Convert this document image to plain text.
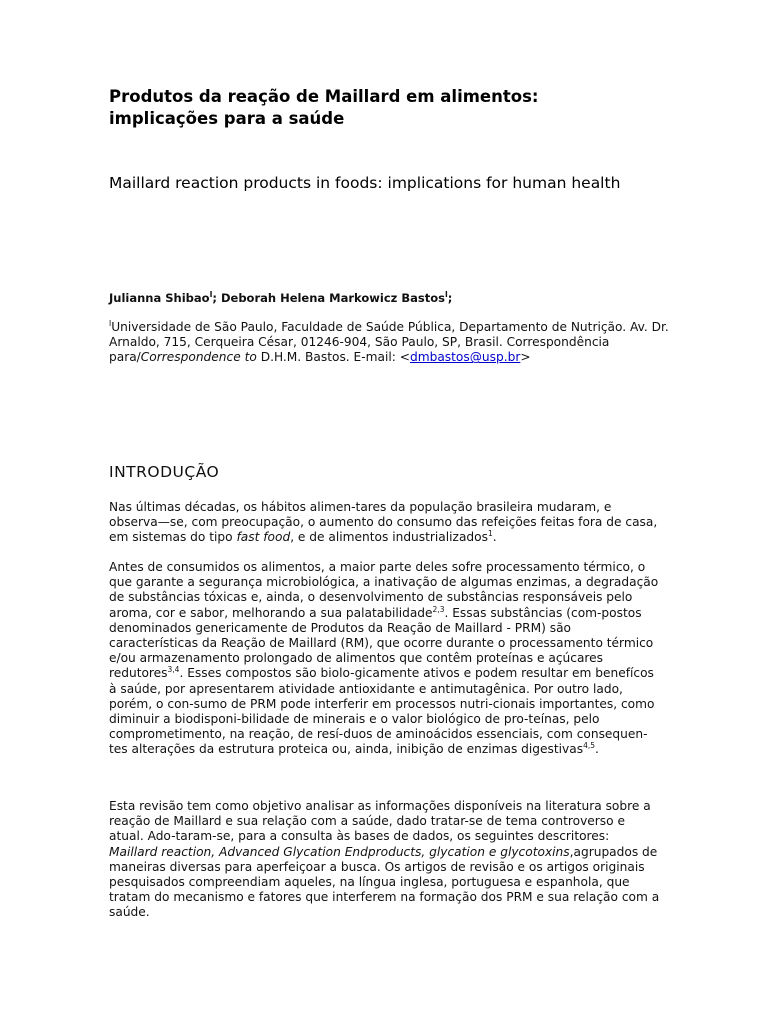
Produtos da reação de Maillard em alimentos:
implicações para a saúde
Maillard reaction products in foods: implications for human health

Julianna Shibao$^I$; Deborah Helena Markowicz Bastos$^I$;

$^I$Universidade de São Paulo, Faculdade de Saúde Pública, Departamento de Nutrição. Av. Dr. Arnaldo, 715, Cerqueira César, 01246-904, São Paulo, SP, Brasil. Correspondência para/Correspondence to D.H.M. Bastos. E-mail: <dmbastos@usp.br>

INTRODUÇÃO

Nas últimas décadas, os hábitos alimen-tares da população brasileira mudaram, e observa—se, com preocupação, o aumento do consumo das refeições feitas fora de casa, em sistemas do tipo fast food, e de alimentos industrializados$^1$.

Antes de consumidos os alimentos, a maior parte deles sofre processamento térmico, o que garante a segurança microbiológica, a inativação de algumas enzimas, a degradação de substâncias tóxicas e, ainda, o desenvolvimento de substâncias responsáveis pelo aroma, cor e sabor, melhorando a sua palatabilidade$^{2,3}$. Essas substâncias (com-postos denominados genericamente de Produtos da Reação de Maillard - PRM) são características da Reação de Maillard (RM), que ocorre durante o processamento térmico e/ou armazenamento prolongado de alimentos que contêm proteínas e açúcares redutores$^{3,4}$. Esses compostos são biolo-gicamente ativos e podem resultar em benefícos à saúde, por apresentarem atividade antioxidante e antimutagênica. Por outro lado, porém, o con-sumo de PRM pode interferir em processos nutri-cionais importantes, como diminuir a biodisponi-bilidade de minerais e o valor biológico de pro-teínas, pelo comprometimento, na reação, de resí-duos de aminoácidos essenciais, com consequen-tes alterações da estrutura proteica ou, ainda, inibição de enzimas digestivas$^{4,5}$.

Esta revisão tem como objetivo analisar as informações disponíveis na literatura sobre a reação de Maillard e sua relação com a saúde, dado tratar-se de tema controverso e atual. Ado-taram-se, para a consulta às bases de dados, os seguintes descritores: Maillard reaction, Advanced Glycation Endproducts, glycation e glycotoxins,agrupados de maneiras diversas para aperfeiçoar a busca. Os artigos de revisão e os artigos originais pesquisados compreendiam aqueles, na língua inglesa, portuguesa e espanhola, que tratam do mecanismo e fatores que interferem na formação dos PRM e sua relação com a saúde.
